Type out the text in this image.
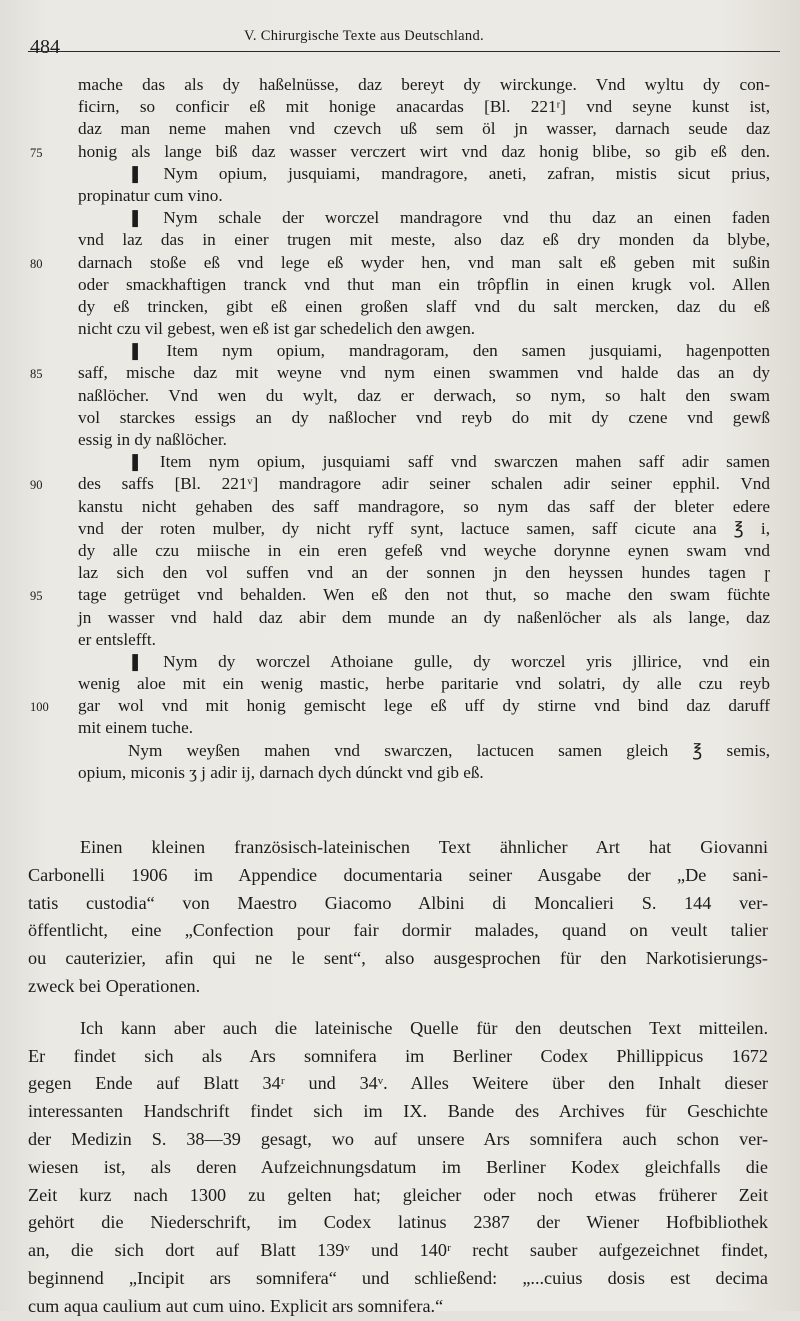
484	V. Chirurgische Texte aus Deutschland.
mache das als dy haßelnüsse, daz bereyt dy wirckunge. Vnd wyltu dy con-
ficirn, so conficir eß mit honige anacardas [Bl. 221ʳ] vnd seyne kunst ist,
daz man neme mahen vnd czevch uß sem öl jn wasser, darnach seude daz
75	honig als lange biß daz wasser verczert wirt vnd daz honig blibe, so gib eß den.
❚ Nym opium, jusquiami, mandragore, aneti, zafran, mistis sicut prius,
propinatur cum vino.
❚ Nym schale der worczel mandragore vnd thu daz an einen faden
vnd laz das in einer trugen mit meste, also daz eß dry monden da blybe,
80	darnach stoße eß vnd lege eß wyder hen, vnd man salt eß geben mit sußin
oder smackhaftigen tranck vnd thut man ein trôpflin in einen krugk vol. Allen
dy eß trincken, gibt eß einen großen slaff vnd du salt mercken, daz du eß
nicht czu vil gebest, wen eß ist gar schedelich den awgen.
❚ Item nym opium, mandragoram, den samen jusquiami, hagenpotten
85	saff, mische daz mit weyne vnd nym einen swammen vnd halde das an dy
naßlöcher. Vnd wen du wylt, daz er derwach, so nym, so halt den swam
vol starckes essigs an dy naßlocher vnd reyb do mit dy czene vnd gewß
essig in dy naßlöcher.
❚ Item nym opium, jusquiami saff vnd swarczen mahen saff adir samen
90	des saffs [Bl. 221ᵛ] mandragore adir seiner schalen adir seiner epphil. Vnd
kanstu nicht gehaben des saff mandragore, so nym das saff der bleter edere
vnd der roten mulber, dy nicht ryff synt, lactuce samen, saff cicute ana ℥ i,
dy alle czu miische in ein eren gefeß vnd weyche dorynne eynen swam vnd
laz sich den vol suffen vnd an der sonnen jn den heyssen hundes tagen ɼ
95	tage getrüget vnd behalden. Wen eß den not thut, so mache den swam füchte
jn wasser vnd hald daz abir dem munde an dy naßenlöcher als als lange, daz
er entslefft.
❚ Nym dy worczel Athoiane gulle, dy worczel yris jllirice, vnd ein
wenig aloe mit ein wenig mastic, herbe paritarie vnd solatri, dy alle czu reyb
100	gar wol vnd mit honig gemischt lege eß uff dy stirne vnd bind daz daruff
mit einem tuche.
Nym weyßen mahen vnd swarczen, lactucen samen gleich ℥ semis,
opium, miconis ʒ j adir ij, darnach dych dúnckt vnd gib eß.
Einen kleinen französisch-lateinischen Text ähnlicher Art hat Giovanni
Carbonelli 1906 im Appendice documentaria seiner Ausgabe der „De sani-
tatis custodia“ von Maestro Giacomo Albini di Moncalieri S. 144 ver-
öffentlicht, eine „Confection pour fair dormir malades, quand on veult talier
ou cauterizier, afin qui ne le sent“, also ausgesprochen für den Narkotisierungs-
zweck bei Operationen.
Ich kann aber auch die lateinische Quelle für den deutschen Text mitteilen.
Er findet sich als Ars somnifera im Berliner Codex Phillippicus 1672
gegen Ende auf Blatt 34ʳ und 34ᵛ. Alles Weitere über den Inhalt dieser
interessanten Handschrift findet sich im IX. Bande des Archives für Geschichte
der Medizin S. 38—39 gesagt, wo auf unsere Ars somnifera auch schon ver-
wiesen ist, als deren Aufzeichnungsdatum im Berliner Kodex gleichfalls die
Zeit kurz nach 1300 zu gelten hat; gleicher oder noch etwas früherer Zeit
gehört die Niederschrift, im Codex latinus 2387 der Wiener Hofbibliothek
an, die sich dort auf Blatt 139ᵛ und 140ʳ recht sauber aufgezeichnet findet,
beginnend „Incipit ars somnifera“ und schließend: „...cuius dosis est decima
cum aqua caulium aut cum uino. Explicit ars somnifera.“
